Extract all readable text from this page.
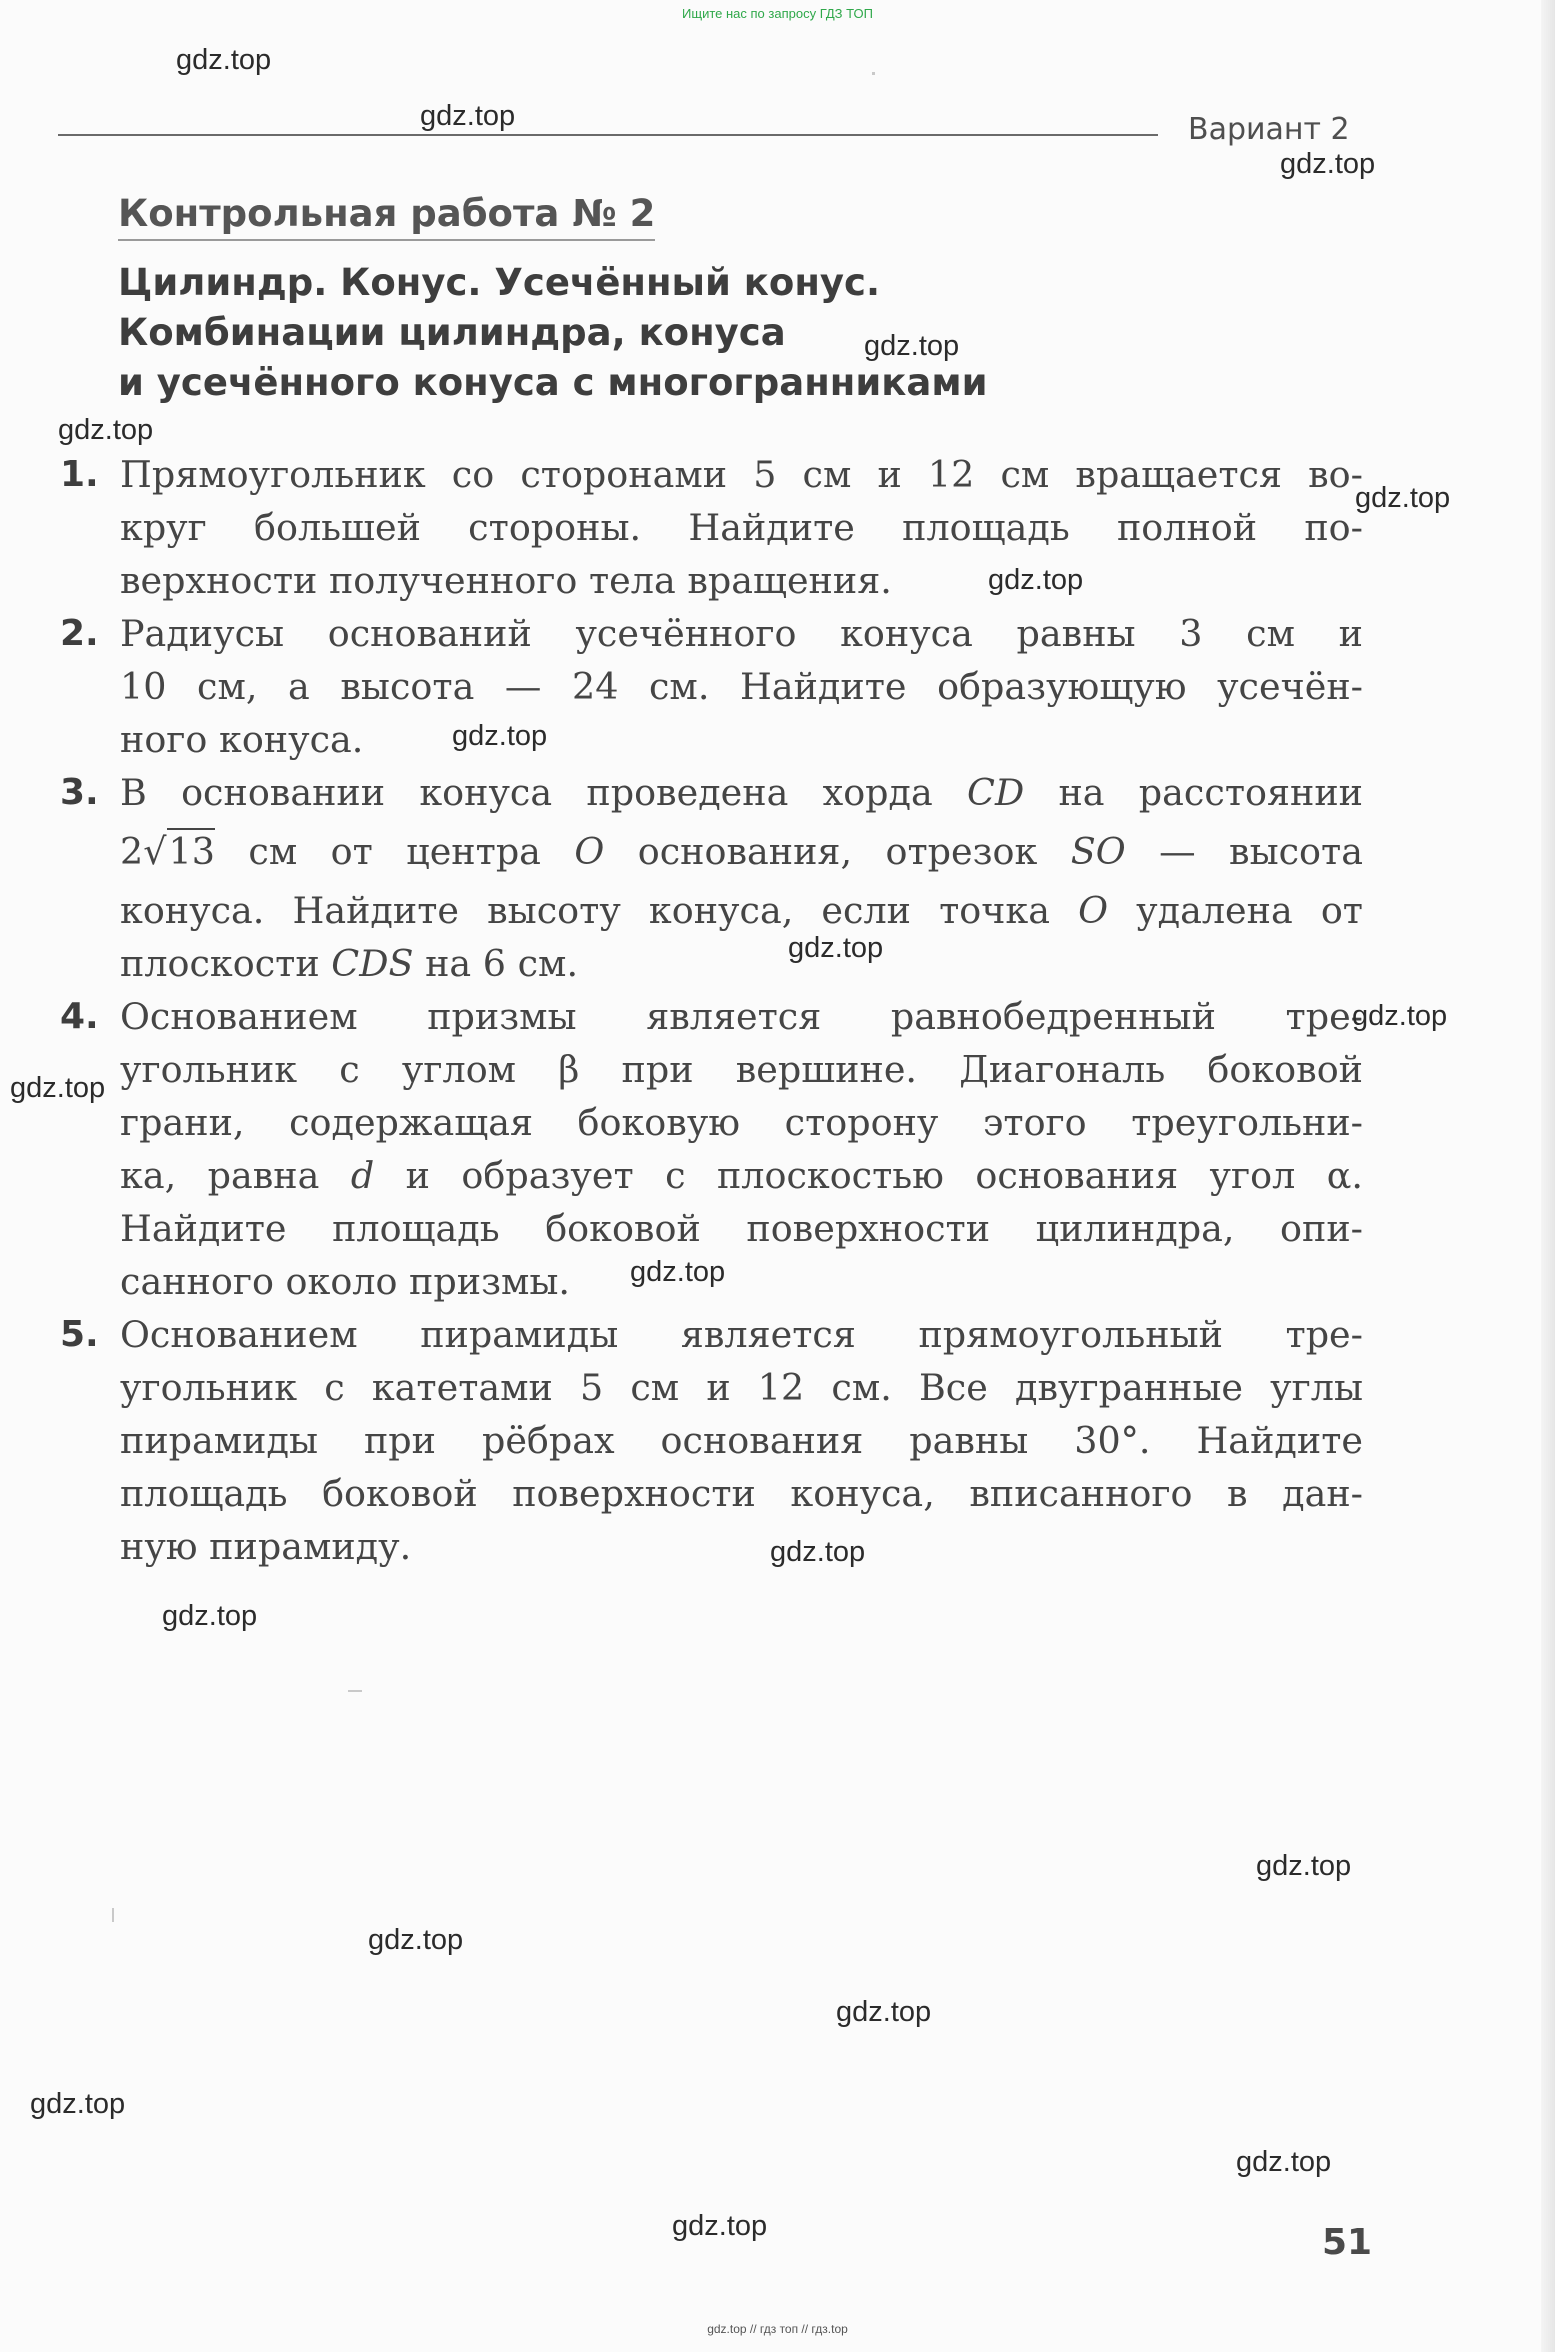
Ищите нас по запросу ГДЗ ТОП
Вариант 2
Контрольная работа № 2
Цилиндр. Конус. Усечённый конус.
Комбинации цилиндра, конуса
и усечённого конуса с многогранниками
1. Прямоугольник со сторонами 5 см и 12 см вращается во-
круг большей стороны. Найдите площадь полной по-
верхности полученного тела вращения.
2. Радиусы оснований усечённого конуса равны 3 см и
10 см, а высота — 24 см. Найдите образующую усечён-
ного конуса.
3. В основании конуса проведена хорда CD на расстоянии
2√13 см от центра O основания, отрезок SO — высота
конуса. Найдите высоту конуса, если точка O удалена от
плоскости CDS на 6 см.
4. Основанием призмы является равнобедренный тре-
угольник с углом β при вершине. Диагональ боковой
грани, содержащая боковую сторону этого треугольни-
ка, равна d и образует с плоскостью основания угол α.
Найдите площадь боковой поверхности цилиндра, опи-
санного около призмы.
5. Основанием пирамиды является прямоугольный тре-
угольник с катетами 5 см и 12 см. Все двугранные углы
пирамиды при рёбрах основания равны 30°. Найдите
площадь боковой поверхности конуса, вписанного в дан-
ную пирамиду.
51
gdz.top
gdz.top
gdz.top
gdz.top
gdz.top
gdz.top
gdz.top
gdz.top
gdz.top
gdz.top
gdz.top
gdz.top
gdz.top
gdz.top
gdz.top
gdz.top
gdz.top
gdz.top
gdz.top
gdz.top
gdz.top // гдз топ // гдз.top
